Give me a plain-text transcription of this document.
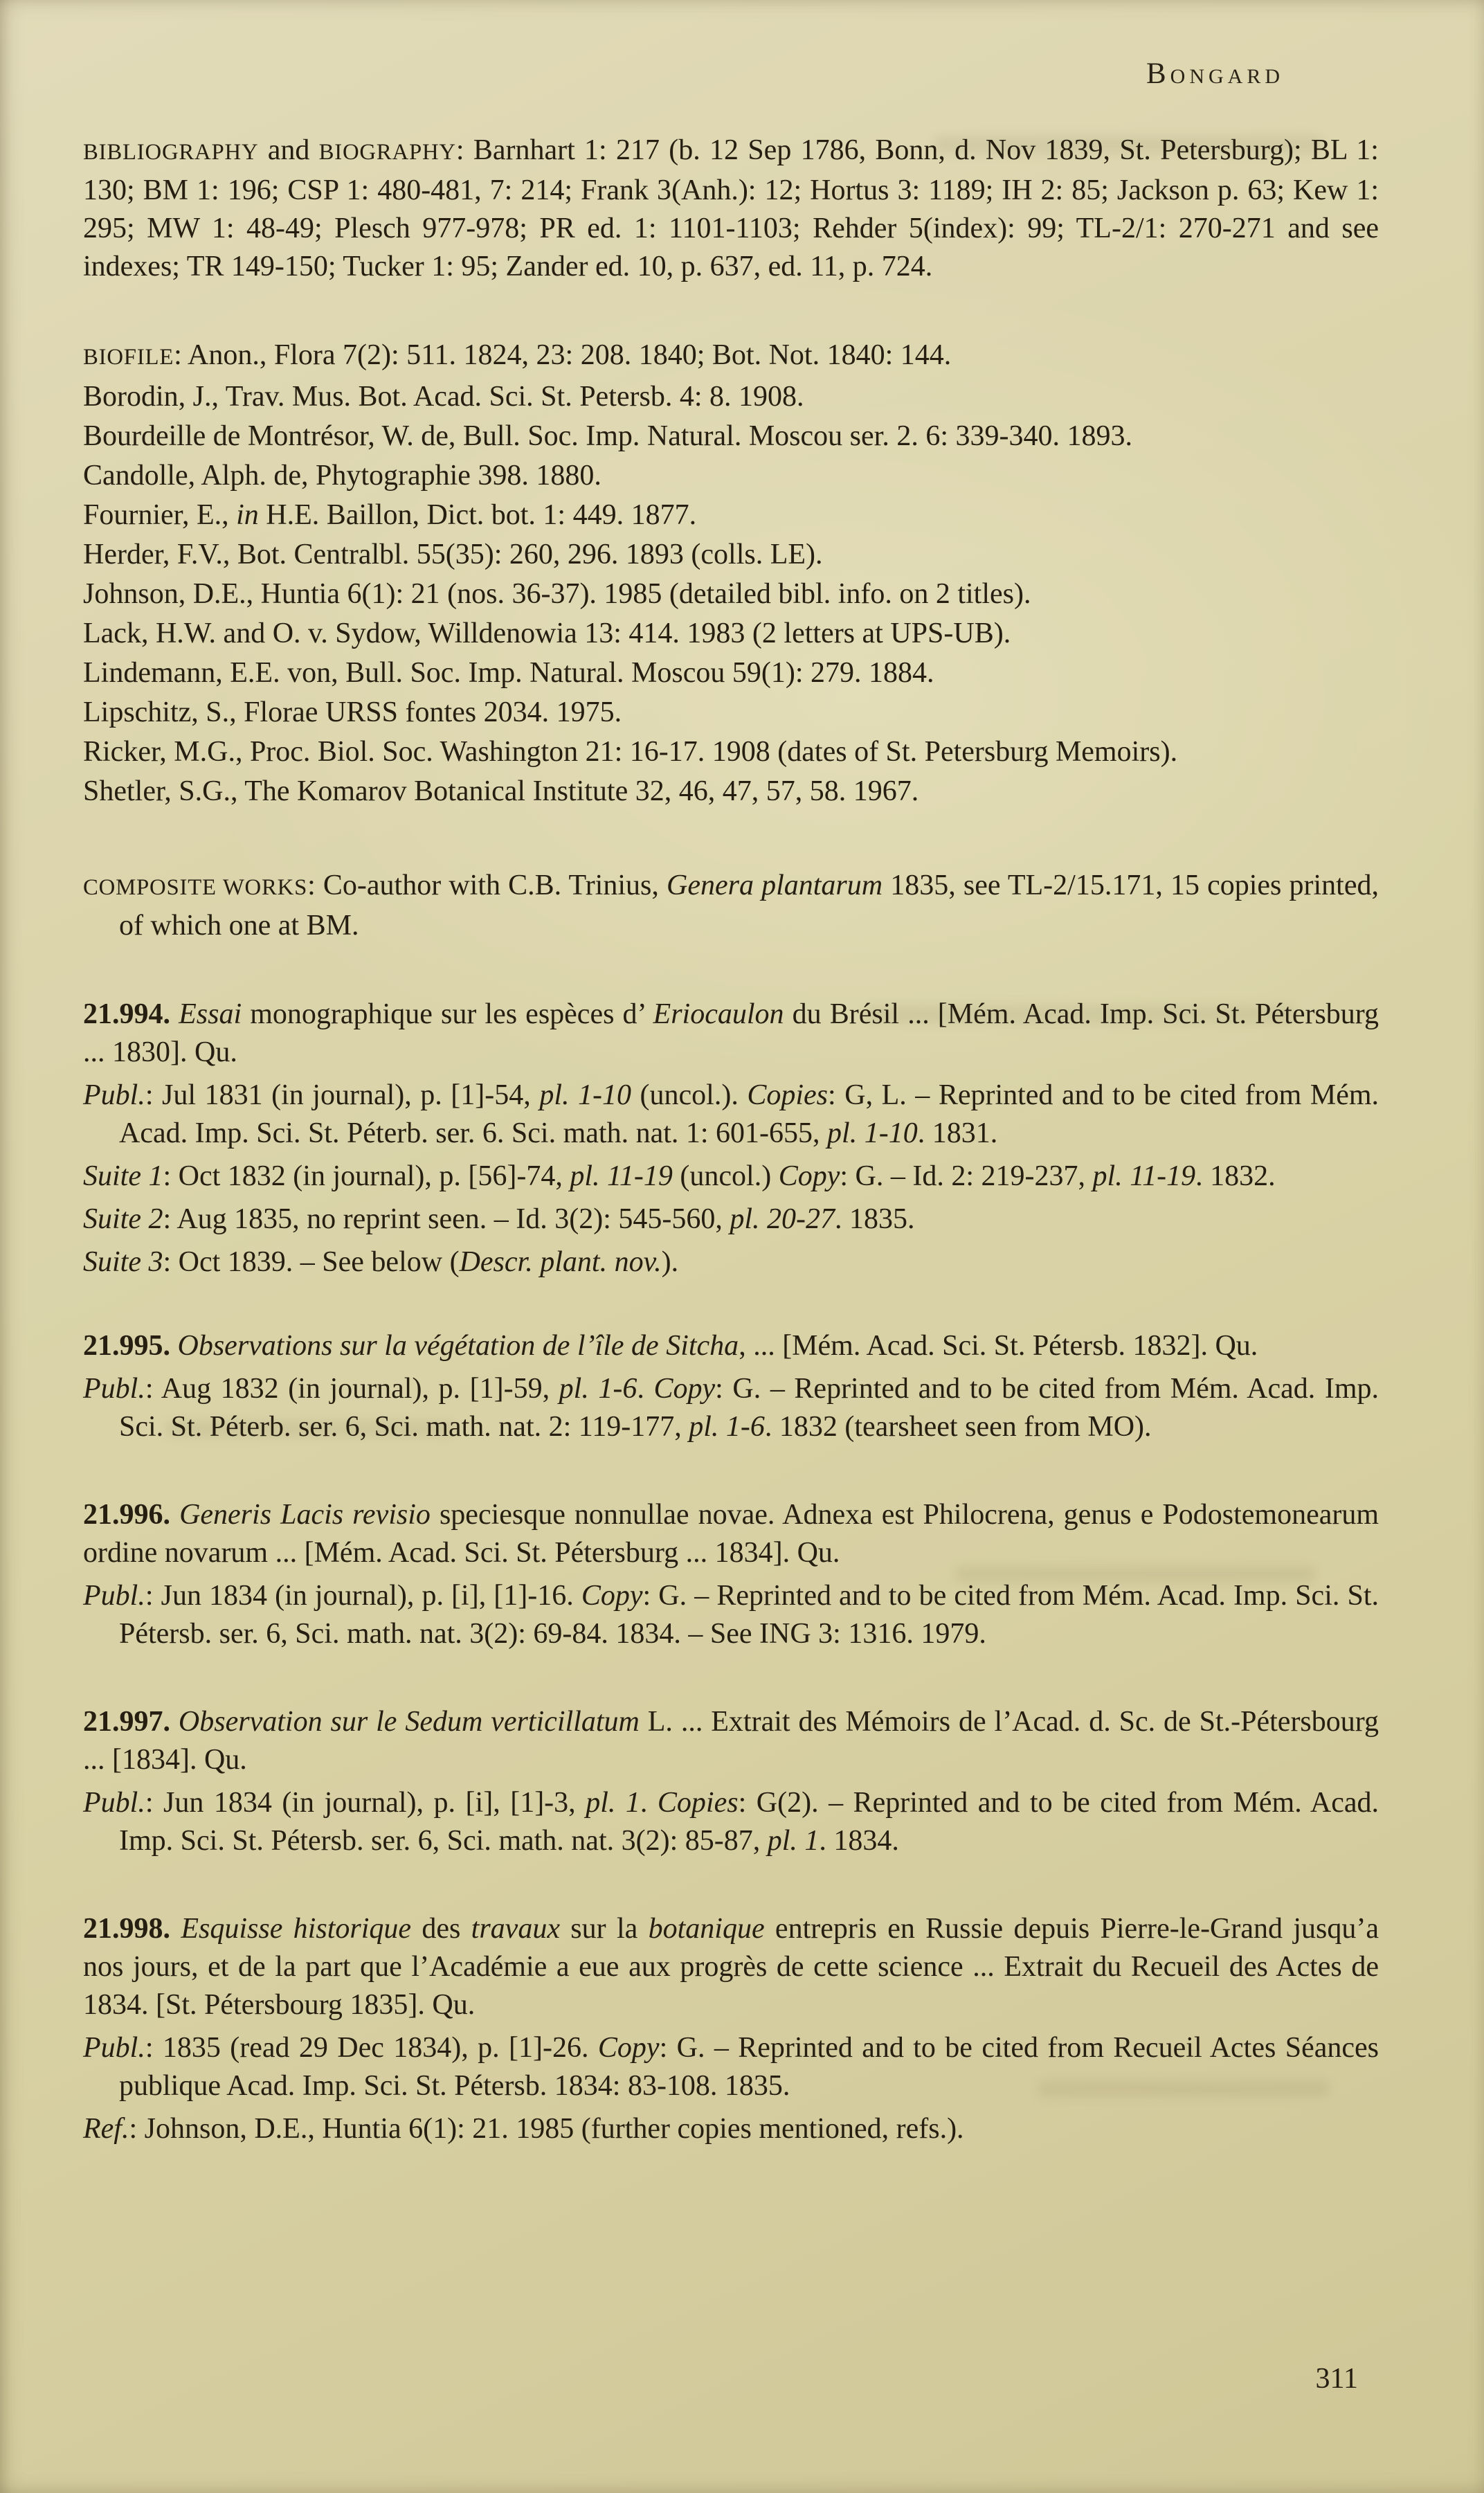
Bongard

BIBLIOGRAPHY and BIOGRAPHY: Barnhart 1: 217 (b. 12 Sep 1786, Bonn, d. Nov 1839, St. Petersburg); BL 1: 130; BM 1: 196; CSP 1: 480-481, 7: 214; Frank 3(Anh.): 12; Hortus 3: 1189; IH 2: 85; Jackson p. 63; Kew 1: 295; MW 1: 48-49; Plesch 977-978; PR ed. 1: 1101-1103; Rehder 5(index): 99; TL-2/1: 270-271 and see indexes; TR 149-150; Tucker 1: 95; Zander ed. 10, p. 637, ed. 11, p. 724.

BIOFILE: Anon., Flora 7(2): 511. 1824, 23: 208. 1840; Bot. Not. 1840: 144.

Borodin, J., Trav. Mus. Bot. Acad. Sci. St. Petersb. 4: 8. 1908.

Bourdeille de Montrésor, W. de, Bull. Soc. Imp. Natural. Moscou ser. 2. 6: 339-340. 1893.

Candolle, Alph. de, Phytographie 398. 1880.

Fournier, E., in H.E. Baillon, Dict. bot. 1: 449. 1877.

Herder, F.V., Bot. Centralbl. 55(35): 260, 296. 1893 (colls. LE).

Johnson, D.E., Huntia 6(1): 21 (nos. 36-37). 1985 (detailed bibl. info. on 2 titles).

Lack, H.W. and O. v. Sydow, Willdenowia 13: 414. 1983 (2 letters at UPS-UB).

Lindemann, E.E. von, Bull. Soc. Imp. Natural. Moscou 59(1): 279. 1884.

Lipschitz, S., Florae URSS fontes 2034. 1975.

Ricker, M.G., Proc. Biol. Soc. Washington 21: 16-17. 1908 (dates of St. Petersburg Memoirs).

Shetler, S.G., The Komarov Botanical Institute 32, 46, 47, 57, 58. 1967.

COMPOSITE WORKS: Co-author with C.B. Trinius, Genera plantarum 1835, see TL-2/15.171, 15 copies printed, of which one at BM.

21.994. Essai monographique sur les espèces d’ Eriocaulon du Brésil ... [Mém. Acad. Imp. Sci. St. Pétersburg ... 1830]. Qu.

Publ.: Jul 1831 (in journal), p. [1]-54, pl. 1-10 (uncol.). Copies: G, L. – Reprinted and to be cited from Mém. Acad. Imp. Sci. St. Péterb. ser. 6. Sci. math. nat. 1: 601-655, pl. 1-10. 1831.

Suite 1: Oct 1832 (in journal), p. [56]-74, pl. 11-19 (uncol.) Copy: G. – Id. 2: 219-237, pl. 11-19. 1832.

Suite 2: Aug 1835, no reprint seen. – Id. 3(2): 545-560, pl. 20-27. 1835.

Suite 3: Oct 1839. – See below (Descr. plant. nov.).

21.995. Observations sur la végétation de l’île de Sitcha, ... [Mém. Acad. Sci. St. Pétersb. 1832]. Qu.

Publ.: Aug 1832 (in journal), p. [1]-59, pl. 1-6. Copy: G. – Reprinted and to be cited from Mém. Acad. Imp. Sci. St. Péterb. ser. 6, Sci. math. nat. 2: 119-177, pl. 1-6. 1832 (tearsheet seen from MO).

21.996. Generis Lacis revisio speciesque nonnullae novae. Adnexa est Philocrena, genus e Podostemonearum ordine novarum ... [Mém. Acad. Sci. St. Pétersburg ... 1834]. Qu.

Publ.: Jun 1834 (in journal), p. [i], [1]-16. Copy: G. – Reprinted and to be cited from Mém. Acad. Imp. Sci. St. Pétersb. ser. 6, Sci. math. nat. 3(2): 69-84. 1834. – See ING 3: 1316. 1979.

21.997. Observation sur le Sedum verticillatum L. ... Extrait des Mémoirs de l’Acad. d. Sc. de St.-Pétersbourg ... [1834]. Qu.

Publ.: Jun 1834 (in journal), p. [i], [1]-3, pl. 1. Copies: G(2). – Reprinted and to be cited from Mém. Acad. Imp. Sci. St. Pétersb. ser. 6, Sci. math. nat. 3(2): 85-87, pl. 1. 1834.

21.998. Esquisse historique des travaux sur la botanique entrepris en Russie depuis Pierre-le-Grand jusqu’a nos jours, et de la part que l’Académie a eue aux progrès de cette science ... Extrait du Recueil des Actes de 1834. [St. Pétersbourg 1835]. Qu.

Publ.: 1835 (read 29 Dec 1834), p. [1]-26. Copy: G. – Reprinted and to be cited from Recueil Actes Séances publique Acad. Imp. Sci. St. Pétersb. 1834: 83-108. 1835.

Ref.: Johnson, D.E., Huntia 6(1): 21. 1985 (further copies mentioned, refs.).

311
